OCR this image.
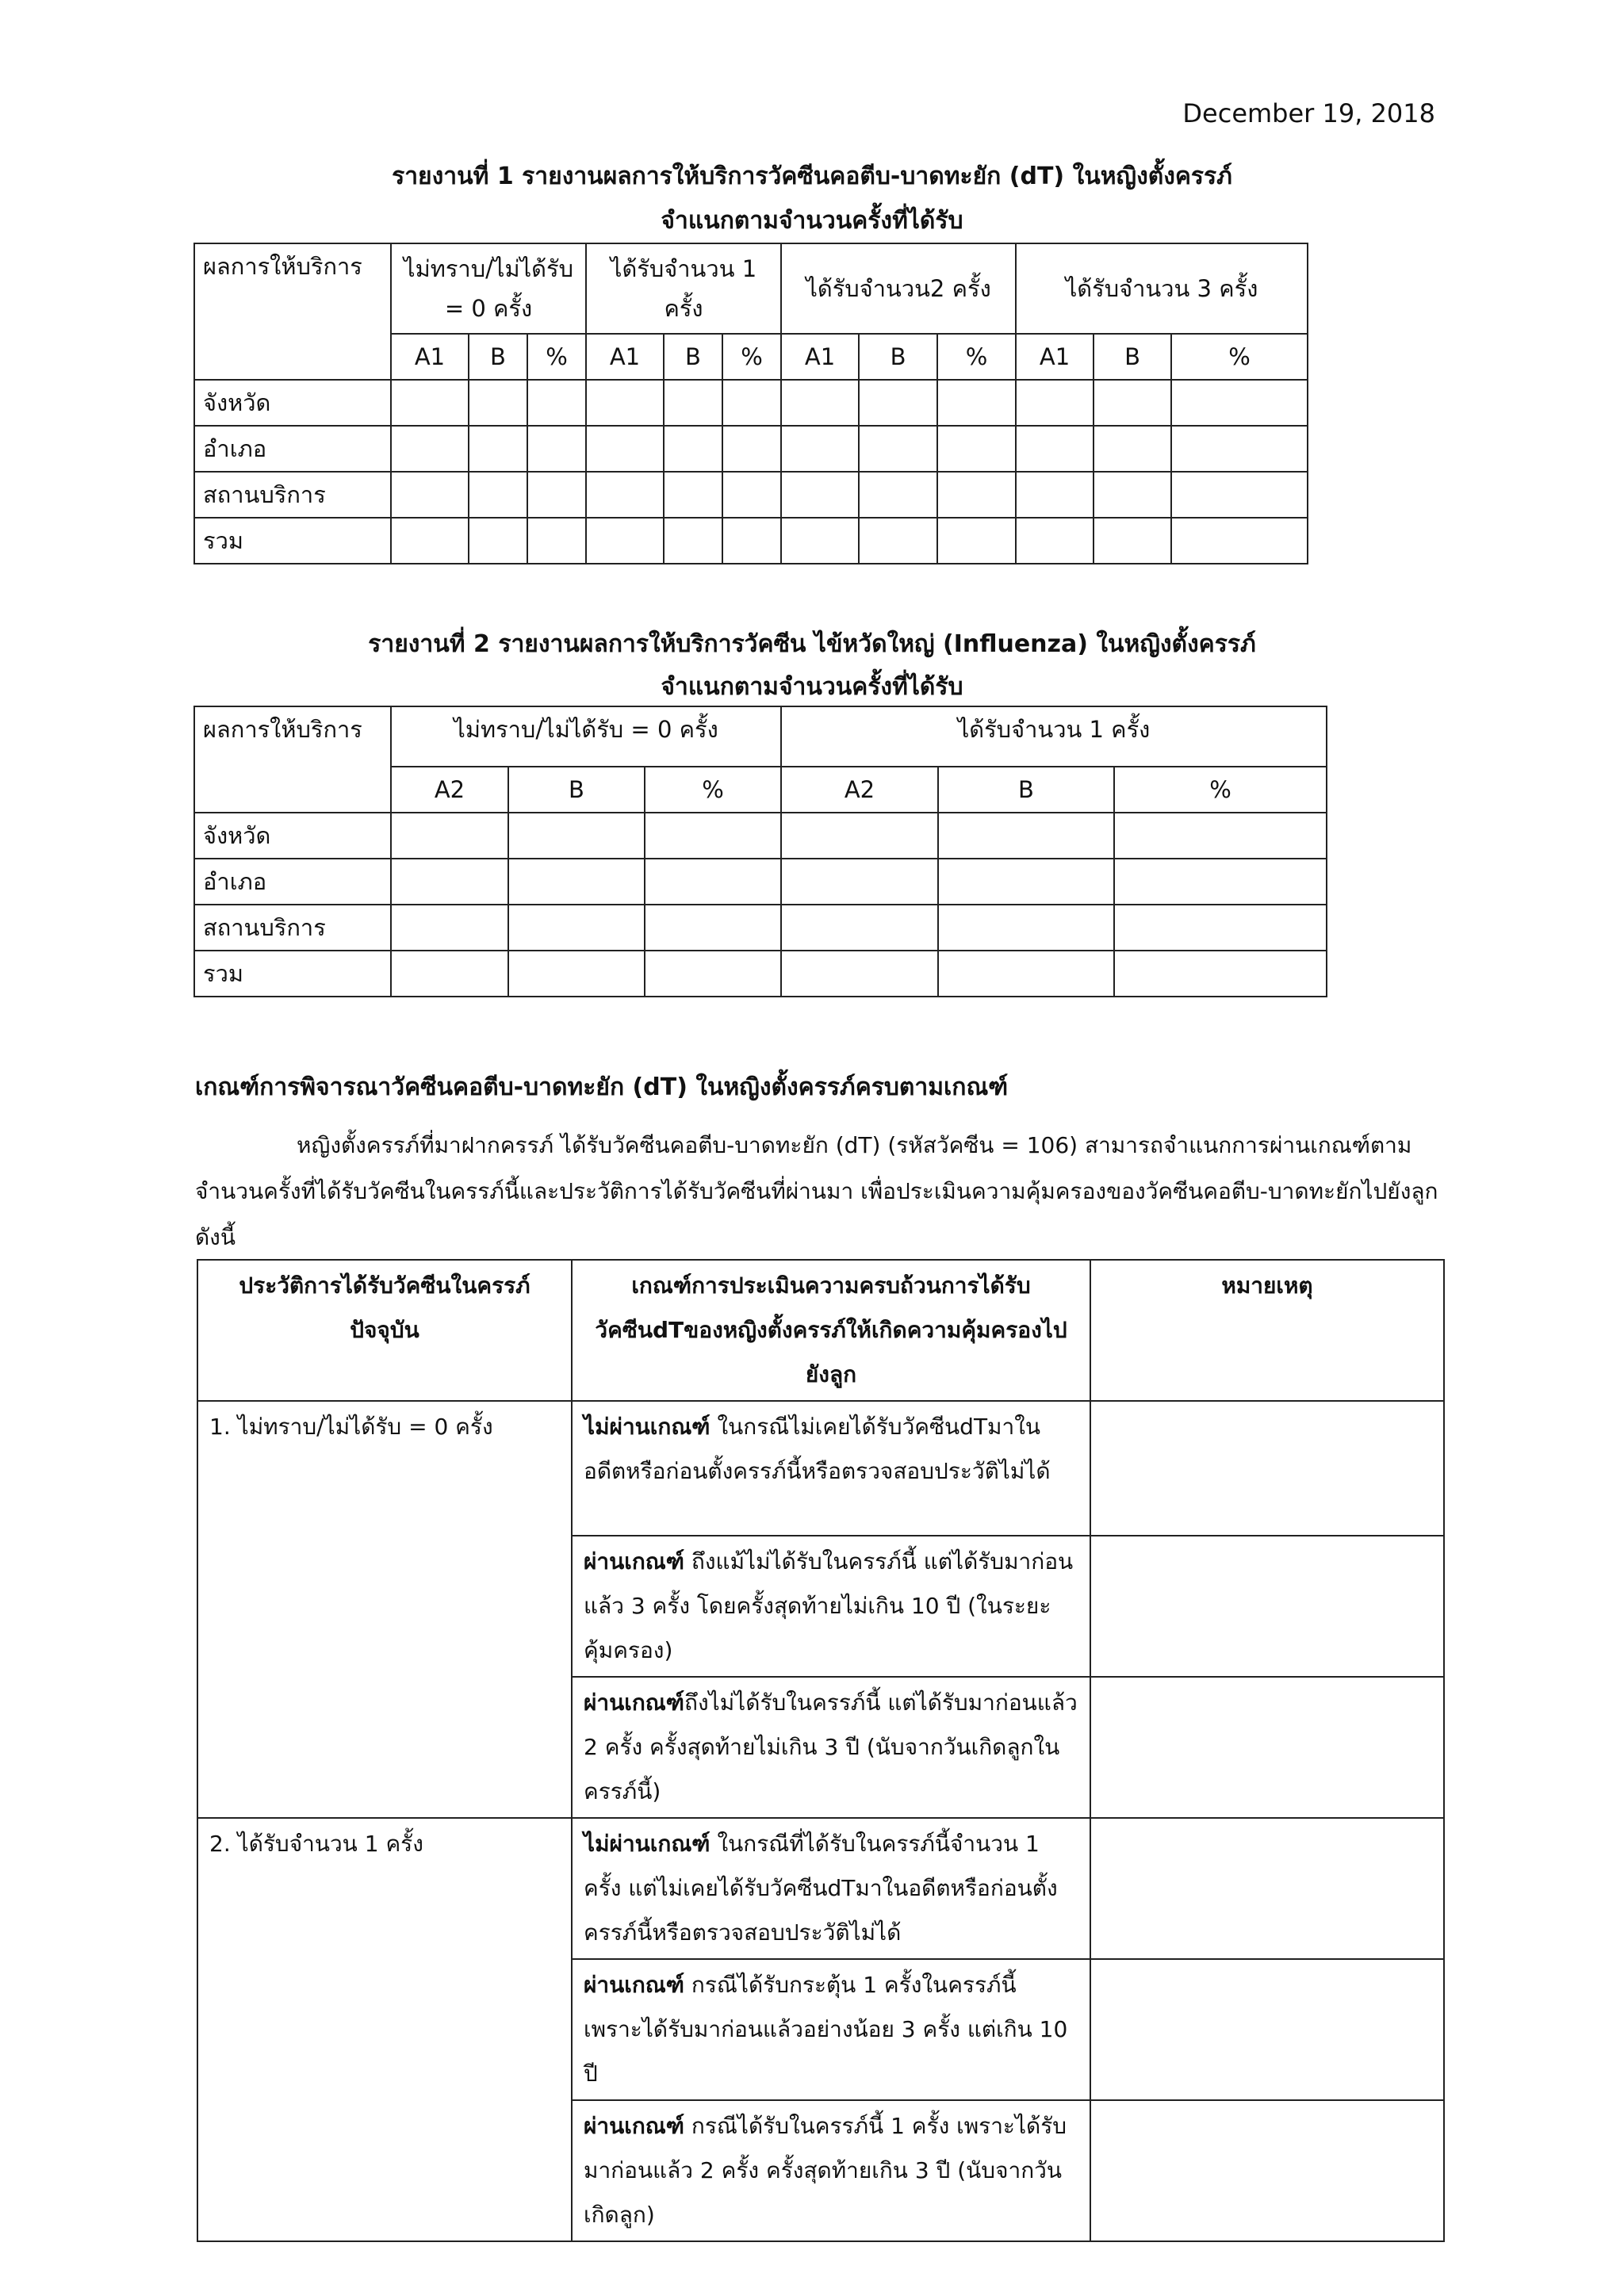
December 19, 2018
รายงานที่ 1 รายงานผลการให้บริการวัคซีนคอตีบ-บาดทะยัก (dT) ในหญิงตั้งครรภ์
จำแนกตามจำนวนครั้งที่ได้รับ
ผลการให้บริการ	ไม่ทราบ/ไม่ได้รับ = 0 ครั้ง			ได้รับจำนวน 1 ครั้ง			ได้รับจำนวน2 ครั้ง			ได้รับจำนวน 3 ครั้ง		
	A1	B	%	A1	B	%	A1	B	%	A1	B	%
จังหวัด												
อำเภอ												
สถานบริการ												
รวม												
รายงานที่ 2 รายงานผลการให้บริการวัคซีน ไข้หวัดใหญ่ (Influenza) ในหญิงตั้งครรภ์
จำแนกตามจำนวนครั้งที่ได้รับ
ผลการให้บริการ	ไม่ทราบ/ไม่ได้รับ = 0 ครั้ง			ได้รับจำนวน 1 ครั้ง		
	A2	B	%	A2	B	%
จังหวัด						
อำเภอ						
สถานบริการ						
รวม						
เกณฑ์การพิจารณาวัคซีนคอตีบ-บาดทะยัก (dT) ในหญิงตั้งครรภ์ครบตามเกณฑ์
หญิงตั้งครรภ์ที่มาฝากครรภ์ ได้รับวัคซีนคอตีบ-บาดทะยัก (dT) (รหัสวัคซีน = 106) สามารถจำแนกการผ่านเกณฑ์ตามจำนวนครั้งที่ได้รับวัคซีนในครรภ์นี้และประวัติการได้รับวัคซีนที่ผ่านมา เพื่อประเมินความคุ้มครองของวัคซีนคอตีบ-บาดทะยักไปยังลูก ดังนี้
ประวัติการได้รับวัคซีนในครรภ์ปัจจุบัน	เกณฑ์การประเมินความครบถ้วนการได้รับวัคซีนdTของหญิงตั้งครรภ์ให้เกิดความคุ้มครองไปยังลูก	หมายเหตุ
1. ไม่ทราบ/ไม่ได้รับ = 0 ครั้ง	ไม่ผ่านเกณฑ์ ในกรณีไม่เคยได้รับวัคซีนdTมาในอดีตหรือก่อนตั้งครรภ์นี้หรือตรวจสอบประวัติไม่ได้	
	ผ่านเกณฑ์ ถึงแม้ไม่ได้รับในครรภ์นี้ แต่ได้รับมาก่อนแล้ว 3 ครั้ง โดยครั้งสุดท้ายไม่เกิน 10 ปี (ในระยะคุ้มครอง)	
	ผ่านเกณฑ์ถึงไม่ได้รับในครรภ์นี้ แต่ได้รับมาก่อนแล้ว 2 ครั้ง ครั้งสุดท้ายไม่เกิน 3 ปี (นับจากวันเกิดลูกในครรภ์นี้)	
2. ได้รับจำนวน 1 ครั้ง	ไม่ผ่านเกณฑ์ ในกรณีที่ได้รับในครรภ์นี้จำนวน 1 ครั้ง แต่ไม่เคยได้รับวัคซีนdTมาในอดีตหรือก่อนตั้งครรภ์นี้หรือตรวจสอบประวัติไม่ได้	
	ผ่านเกณฑ์ กรณีได้รับกระตุ้น 1 ครั้งในครรภ์นี้ เพราะได้รับมาก่อนแล้วอย่างน้อย 3 ครั้ง แต่เกิน 10 ปี	
	ผ่านเกณฑ์ กรณีได้รับในครรภ์นี้ 1 ครั้ง เพราะได้รับมาก่อนแล้ว 2 ครั้ง ครั้งสุดท้ายเกิน 3 ปี (นับจากวันเกิดลูก)	
